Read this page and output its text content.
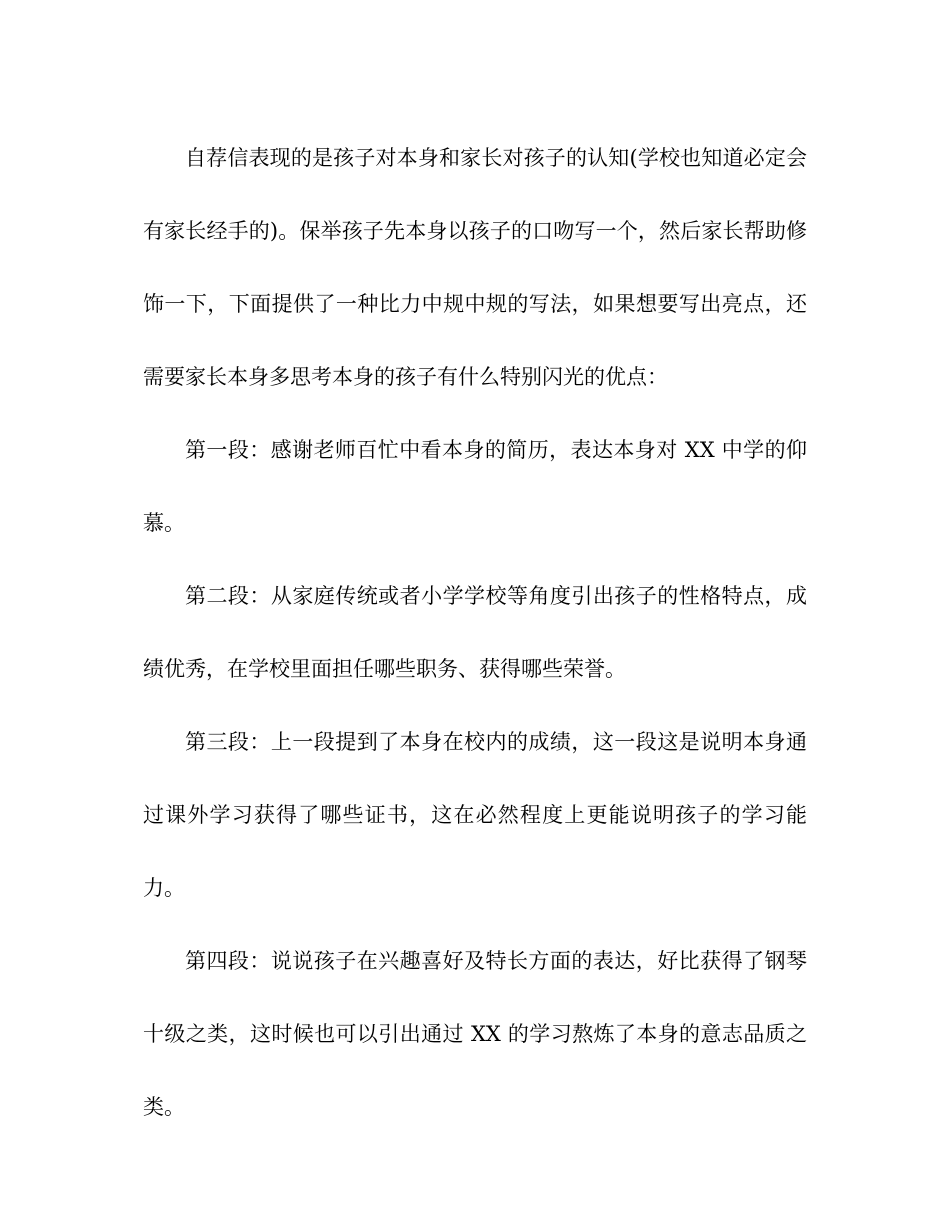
自荐信表现的是孩子对本身和家长对孩子的认知(学校也知道必定会有家长经手的)。保举孩子先本身以孩子的口吻写一个，然后家长帮助修饰一下，下面提供了一种比力中规中规的写法，如果想要写出亮点，还需要家长本身多思考本身的孩子有什么特别闪光的优点：

第一段：感谢老师百忙中看本身的简历，表达本身对 XX 中学的仰慕。

第二段：从家庭传统或者小学学校等角度引出孩子的性格特点，成绩优秀，在学校里面担任哪些职务、获得哪些荣誉。

第三段：上一段提到了本身在校内的成绩，这一段这是说明本身通过课外学习获得了哪些证书，这在必然程度上更能说明孩子的学习能力。

第四段：说说孩子在兴趣喜好及特长方面的表达，好比获得了钢琴十级之类，这时候也可以引出通过 XX 的学习熬炼了本身的意志品质之类。
